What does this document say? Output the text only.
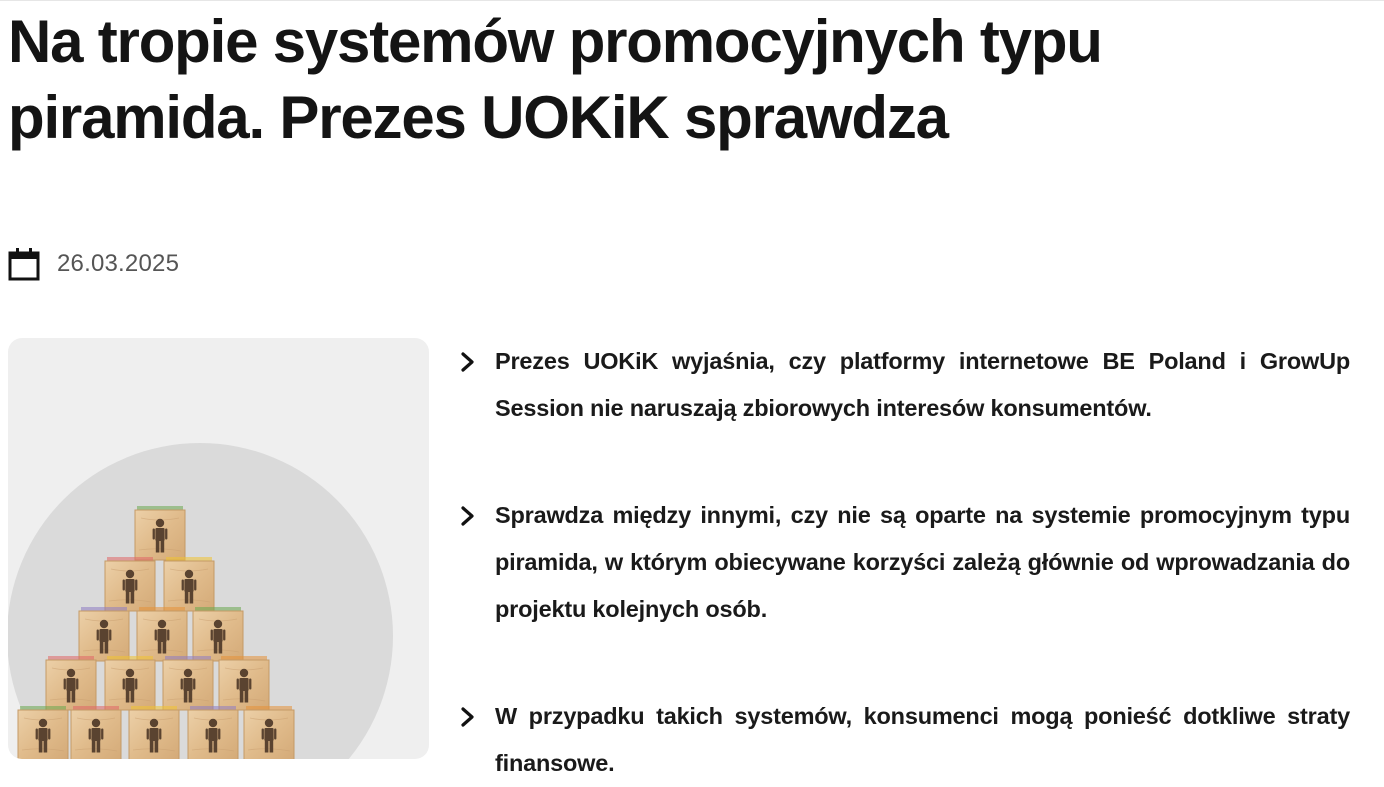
Na tropie systemów promocyjnych typu piramida. Prezes UOKiK sprawdza
26.03.2025
Prezes UOKiK wyjaśnia, czy platformy internetowe BE Poland i GrowUp Session nie naruszają zbiorowych interesów konsumentów.
Sprawdza między innymi, czy nie są oparte na systemie promocyjnym typu piramida, w którym obiecywane korzyści zależą głównie od wprowadzania do projektu kolejnych osób.
W przypadku takich systemów, konsumenci mogą ponieść dotkliwe straty finansowe.
